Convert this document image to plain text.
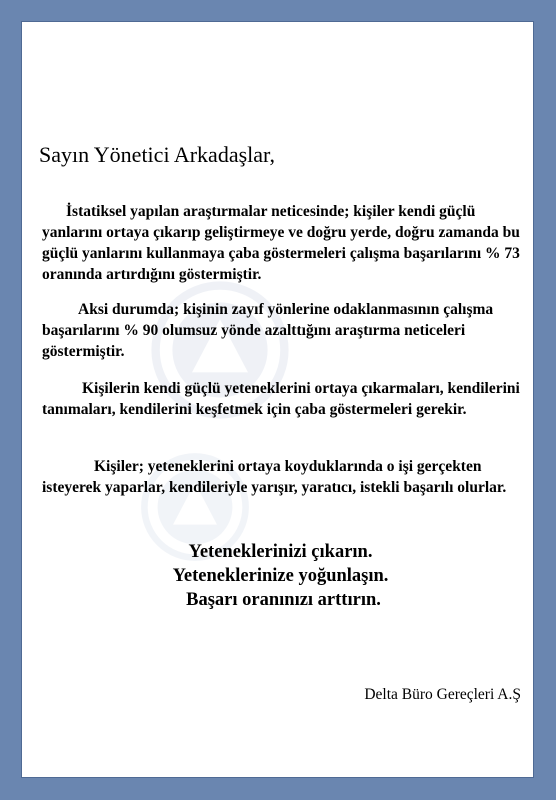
Sayın Yönetici Arkadaşlar,

İstatiksel yapılan araştırmalar neticesinde; kişiler kendi güçlü yanlarını ortaya çıkarıp geliştirmeye ve doğru yerde, doğru zamanda bu güçlü yanlarını kullanmaya çaba göstermeleri çalışma başarılarını % 73 oranında artırdığını göstermiştir.

Aksi durumda; kişinin zayıf yönlerine odaklanmasının çalışma başarılarını % 90 olumsuz yönde azalttığını araştırma neticeleri göstermiştir.

Kişilerin kendi güçlü yeteneklerini ortaya çıkarmaları, kendilerini tanımaları, kendilerini keşfetmek için çaba göstermeleri gerekir.

Kişiler; yeteneklerini ortaya koyduklarında o işi gerçekten isteyerek yaparlar, kendileriyle yarışır, yaratıcı, istekli başarılı olurlar.

Yeteneklerinizi çıkarın.
Yeteneklerinize yoğunlaşın.
Başarı oranınızı arttırın.
Delta Büro Gereçleri A.Ş
